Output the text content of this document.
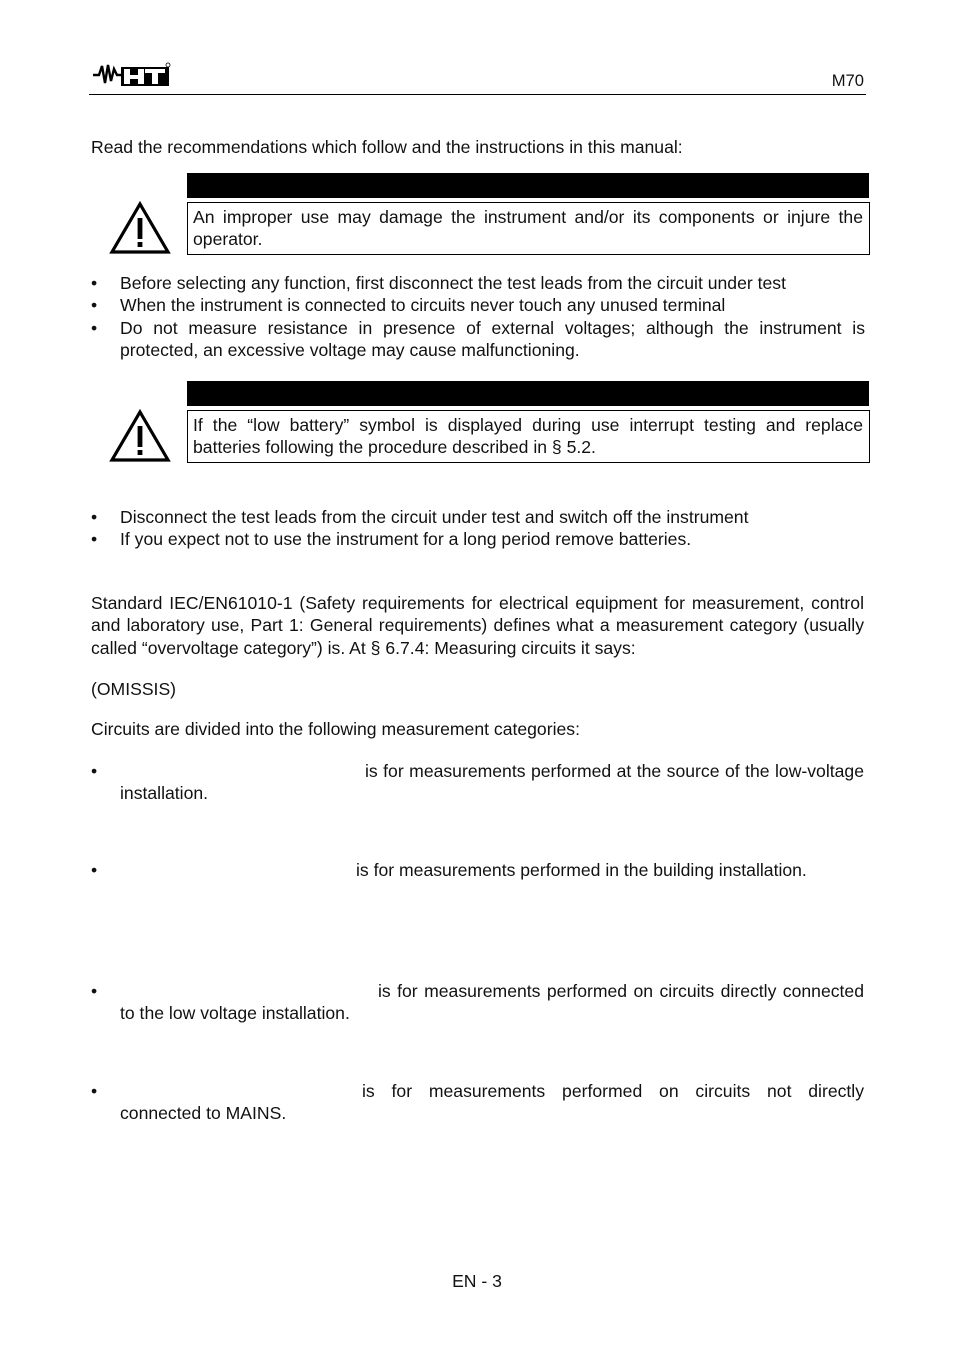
M70
Read the recommendations which follow and the instructions in this manual:
An improper use may damage the instrument and/or its components or injure the operator.
• Before selecting any function, first disconnect the test leads from the circuit under test
• When the instrument is connected to circuits never touch any unused terminal
• Do not measure resistance in presence of external voltages; although the instrument is protected, an excessive voltage may cause malfunctioning.
If the “low battery” symbol is displayed during use interrupt testing and replace batteries following the procedure described in § 5.2.
• Disconnect the test leads from the circuit under test and switch off the instrument
• If you expect not to use the instrument for a long period remove batteries.
Standard IEC/EN61010-1 (Safety requirements for electrical equipment for measurement, control and laboratory use, Part 1: General requirements) defines what a measurement category (usually called “overvoltage category”) is. At § 6.7.4: Measuring circuits it says:
(OMISSIS)
Circuits are divided into the following measurement categories:
• is for measurements performed at the source of the low-voltage installation.
• is for measurements performed in the building installation.
• is for measurements performed on circuits directly connected to the low voltage installation.
• is for measurements performed on circuits not directly connected to MAINS.
EN - 3
